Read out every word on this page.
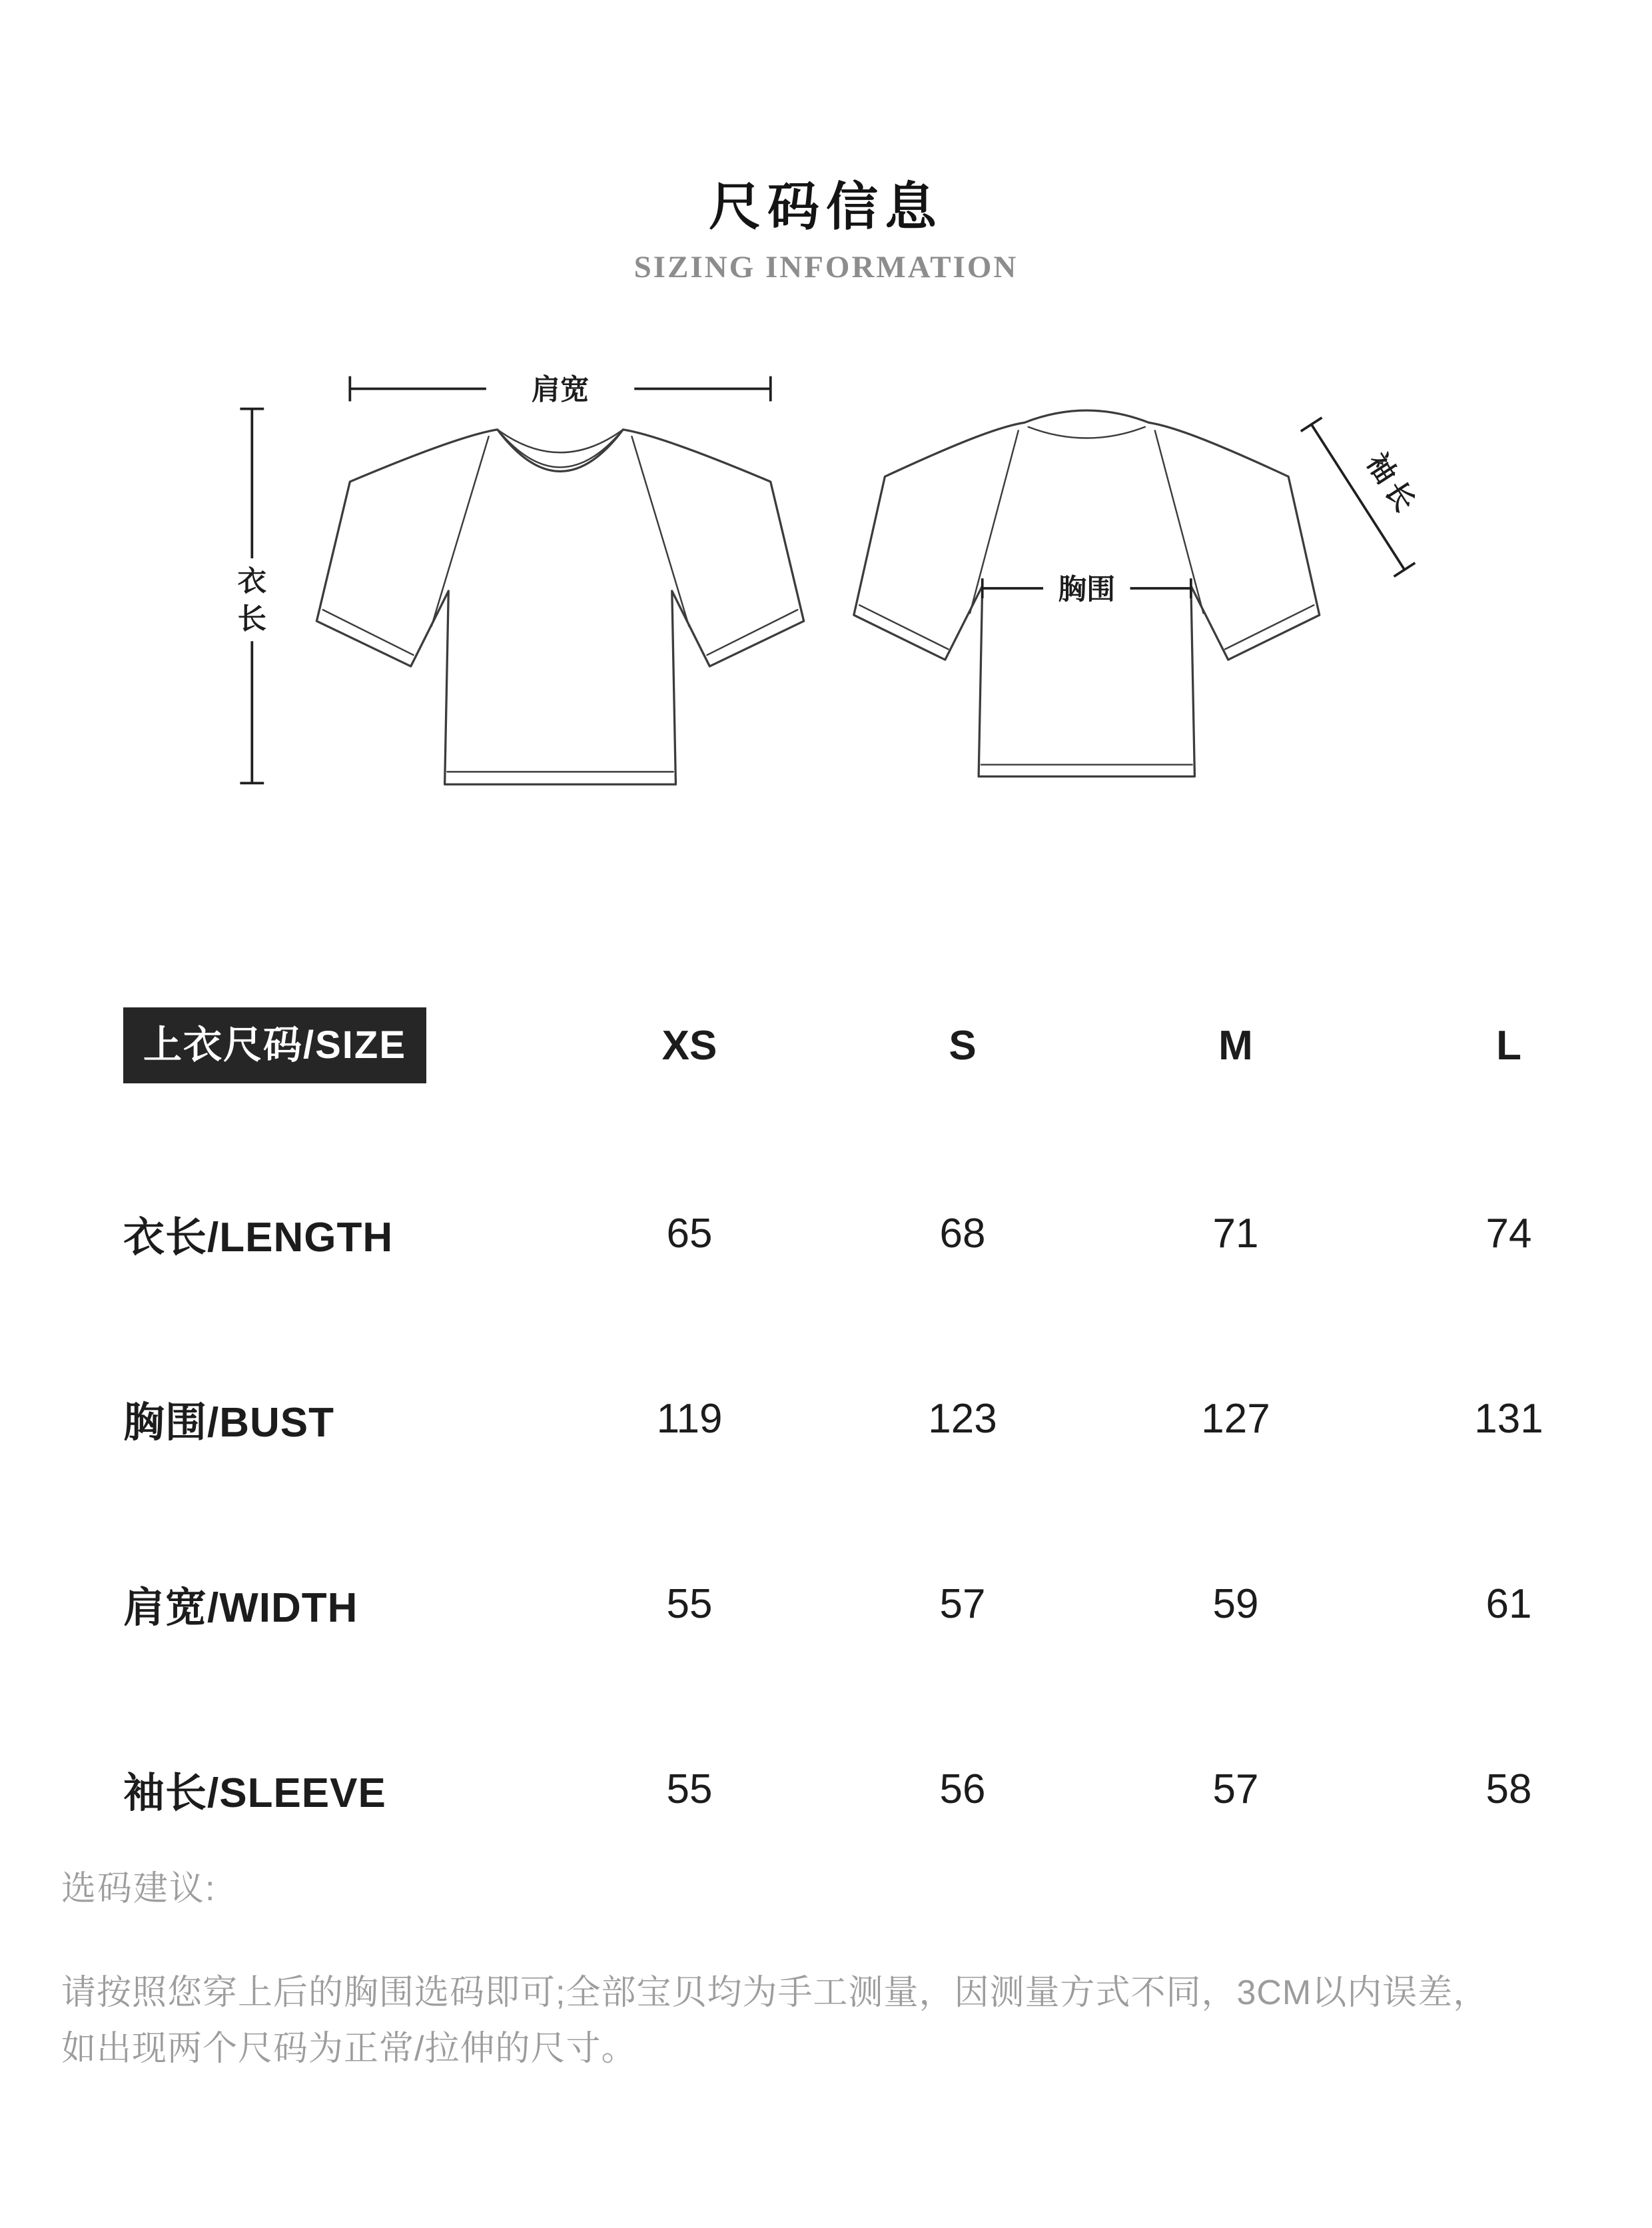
尺码信息
SIZING INFORMATION
肩宽
衣
长
袖长
胸围
上衣尺码/SIZE	XS	S	M	L
衣长/LENGTH	65	68	71	74
胸围/BUST	119	123	127	131
肩宽/WIDTH	55	57	59	61
袖长/SLEEVE	55	56	57	58
选码建议:

请按照您穿上后的胸围选码即可;全部宝贝均为手工测量，因测量方式不同，3CM以内误差，如出现两个尺码为正常/拉伸的尺寸。
